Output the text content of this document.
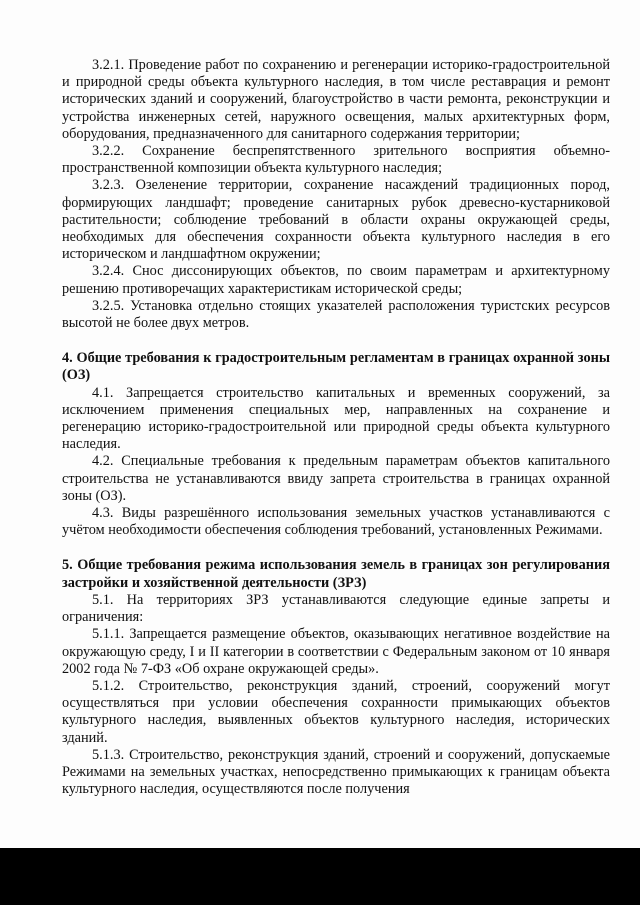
3.2.1. Проведение работ по сохранению и регенерации историко-градостроительной и природной среды объекта культурного наследия, в том числе реставрация и ремонт исторических зданий и сооружений, благоустройство в части ремонта, реконструкции и устройства инженерных сетей, наружного освещения, малых архитектурных форм, оборудования, предназначенного для санитарного содержания территории;

3.2.2. Сохранение беспрепятственного зрительного восприятия объемно-пространственной композиции объекта культурного наследия;

3.2.3. Озеленение территории, сохранение насаждений традиционных пород, формирующих ландшафт; проведение санитарных рубок древесно-кустарниковой растительности; соблюдение требований в области охраны окружающей среды, необходимых для обеспечения сохранности объекта культурного наследия в его историческом и ландшафтном окружении;

3.2.4. Снос диссонирующих объектов, по своим параметрам и архитектурному решению противоречащих характеристикам исторической среды;

3.2.5. Установка отдельно стоящих указателей расположения туристских ресурсов высотой не более двух метров.

4. Общие требования к градостроительным регламентам в границах охранной зоны (ОЗ)

4.1. Запрещается строительство капитальных и временных сооружений, за исключением применения специальных мер, направленных на сохранение и регенерацию историко-градостроительной или природной среды объекта культурного наследия.

4.2. Специальные требования к предельным параметрам объектов капитального строительства не устанавливаются ввиду запрета строительства в границах охранной зоны (ОЗ).

4.3. Виды разрешённого использования земельных участков устанавливаются с учётом необходимости обеспечения соблюдения требований, установленных Режимами.

5. Общие требования режима использования земель в границах зон регулирования застройки и хозяйственной деятельности (ЗРЗ)

5.1. На территориях ЗРЗ устанавливаются следующие единые запреты и ограничения:

5.1.1. Запрещается размещение объектов, оказывающих негативное воздействие на окружающую среду, I и II категории в соответствии с Федеральным законом от 10 января 2002 года № 7-ФЗ «Об охране окружающей среды».

5.1.2. Строительство, реконструкция зданий, строений, сооружений могут осуществляться при условии обеспечения сохранности примыкающих объектов культурного наследия, выявленных объектов культурного наследия, исторических зданий.

5.1.3. Строительство, реконструкция зданий, строений и сооружений, допускаемые Режимами на земельных участках, непосредственно примыкающих к границам объекта культурного наследия, осуществляются после получения
